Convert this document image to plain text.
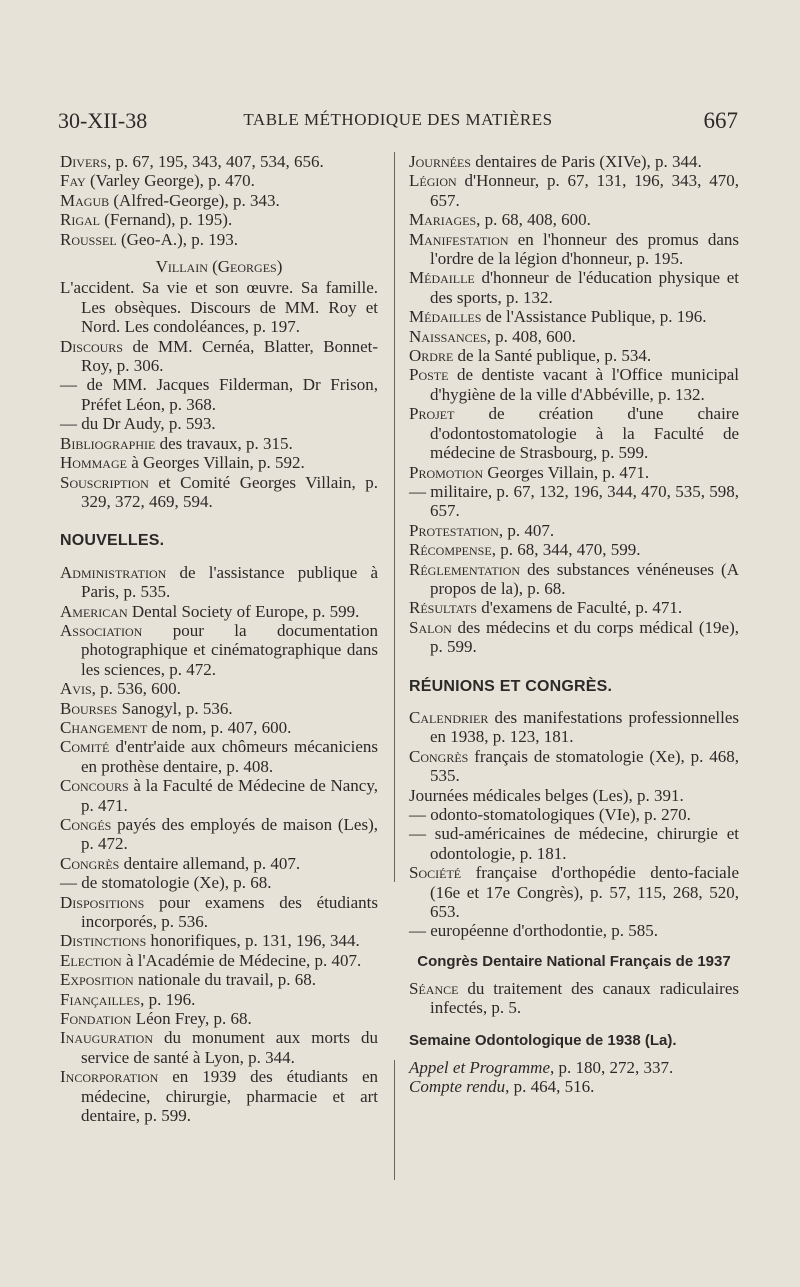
30-XII-38	TABLE MÉTHODIQUE DES MATIÈRES	667

Divers, p. 67, 195, 343, 407, 534, 656.

Fay (Varley George), p. 470.

Magub (Alfred-George), p. 343.

Rigal (Fernand), p. 195).

Roussel (Geo-A.), p. 193.

Villain (Georges)

L'accident. Sa vie et son œuvre. Sa famille. Les obsèques. Discours de MM. Roy et Nord. Les condoléances, p. 197.

Discours de MM. Cernéa, Blatter, Bonnet-Roy, p. 306.

— de MM. Jacques Filderman, Dr Frison, Préfet Léon, p. 368.

— du Dr Audy, p. 593.

Bibliographie des travaux, p. 315.

Hommage à Georges Villain, p. 592.

Souscription et Comité Georges Villain, p. 329, 372, 469, 594.

NOUVELLES.

Administration de l'assistance publique à Paris, p. 535.

American Dental Society of Europe, p. 599.

Association pour la documentation photographique et cinématographique dans les sciences, p. 472.

Avis, p. 536, 600.

Bourses Sanogyl, p. 536.

Changement de nom, p. 407, 600.

Comité d'entr'aide aux chômeurs mécaniciens en prothèse dentaire, p. 408.

Concours à la Faculté de Médecine de Nancy, p. 471.

Congés payés des employés de maison (Les), p. 472.

Congrès dentaire allemand, p. 407.

— de stomatologie (Xe), p. 68.

Dispositions pour examens des étudiants incorporés, p. 536.

Distinctions honorifiques, p. 131, 196, 344.

Election à l'Académie de Médecine, p. 407.

Exposition nationale du travail, p. 68.

Fiançailles, p. 196.

Fondation Léon Frey, p. 68.

Inauguration du monument aux morts du service de santé à Lyon, p. 344.

Incorporation en 1939 des étudiants en médecine, chirurgie, pharmacie et art dentaire, p. 599.

Journées dentaires de Paris (XIVe), p. 344.

Légion d'Honneur, p. 67, 131, 196, 343, 470, 657.

Mariages, p. 68, 408, 600.

Manifestation en l'honneur des promus dans l'ordre de la légion d'honneur, p. 195.

Médaille d'honneur de l'éducation physique et des sports, p. 132.

Médailles de l'Assistance Publique, p. 196.

Naissances, p. 408, 600.

Ordre de la Santé publique, p. 534.

Poste de dentiste vacant à l'Office municipal d'hygiène de la ville d'Abbéville, p. 132.

Projet de création d'une chaire d'odontostomatologie à la Faculté de médecine de Strasbourg, p. 599.

Promotion Georges Villain, p. 471.

— militaire, p. 67, 132, 196, 344, 470, 535, 598, 657.

Protestation, p. 407.

Récompense, p. 68, 344, 470, 599.

Réglementation des substances vénéneuses (A propos de la), p. 68.

Résultats d'examens de Faculté, p. 471.

Salon des médecins et du corps médical (19e), p. 599.

RÉUNIONS ET CONGRÈS.

Calendrier des manifestations professionnelles en 1938, p. 123, 181.

Congrès français de stomatologie (Xe), p. 468, 535.

Journées médicales belges (Les), p. 391.

— odonto-stomatologiques (VIe), p. 270.

— sud-américaines de médecine, chirurgie et odontologie, p. 181.

Société française d'orthopédie dento-faciale (16e et 17e Congrès), p. 57, 115, 268, 520, 653.

— européenne d'orthodontie, p. 585.

Congrès Dentaire National Français de 1937

Séance du traitement des canaux radiculaires infectés, p. 5.

Semaine Odontologique de 1938 (La).

Appel et Programme, p. 180, 272, 337.

Compte rendu, p. 464, 516.
